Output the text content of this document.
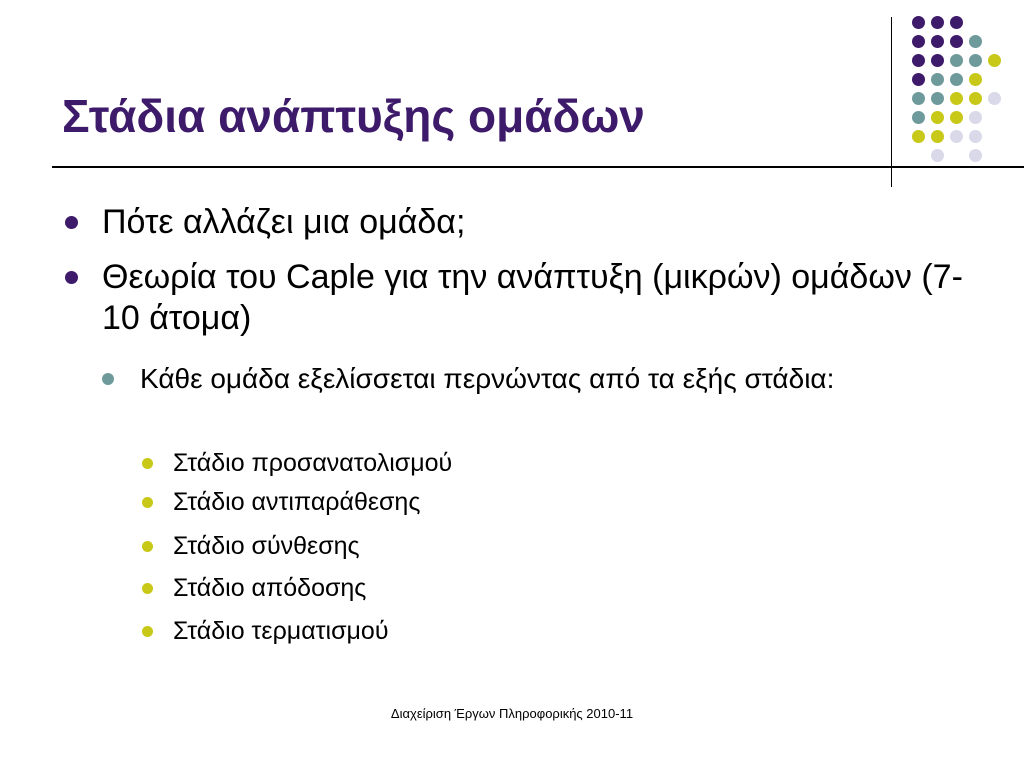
Στάδια ανάπτυξης ομάδων
Πότε αλλάζει μια ομάδα;
Θεωρία του Caple για την ανάπτυξη (μικρών) ομάδων (7-10 άτομα)
Κάθε ομάδα εξελίσσεται περνώντας από τα εξής στάδια:
Στάδιο προσανατολισμού
Στάδιο αντιπαράθεσης
Στάδιο σύνθεσης
Στάδιο απόδοσης
Στάδιο τερματισμού
Διαχείριση Έργων Πληροφορικής 2010-11
